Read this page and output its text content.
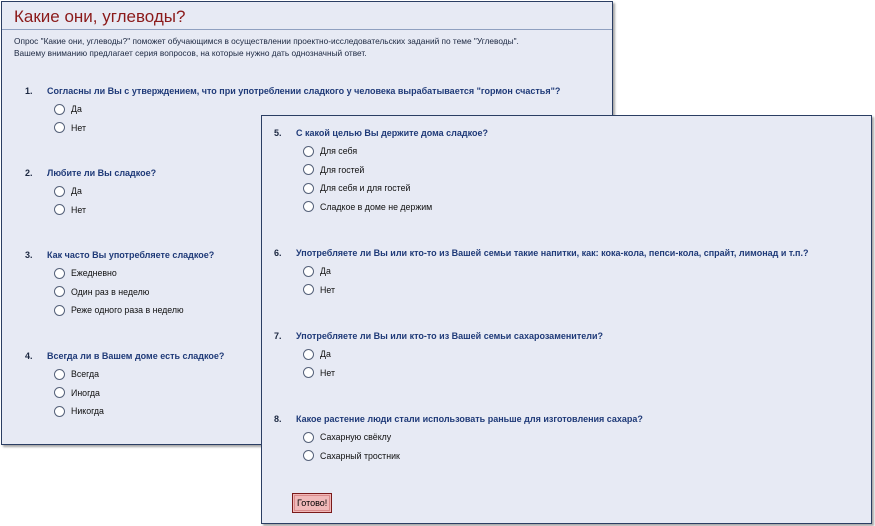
Какие они, углеводы?
Опрос "Какие они, углеводы?" поможет обучающимся в осуществлении проектно-исследовательских заданий по теме "Углеводы".
Вашему вниманию предлагает серия вопросов, на которые нужно дать однозначный ответ.
1. Согласны ли Вы с утверждением, что при употреблении сладкого у человека вырабатывается "гормон счастья"?
Да
Нет
2. Любите ли Вы сладкое?
Да
Нет
3. Как часто Вы употребляете сладкое?
Ежедневно
Один раз в неделю
Реже одного раза в неделю
4. Всегда ли в Вашем доме есть сладкое?
Всегда
Иногда
Никогда
5. С какой целью Вы держите дома сладкое?
Для себя
Для гостей
Для себя и для гостей
Сладкое в доме не держим
6. Употребляете ли Вы или кто-то из Вашей семьи такие напитки, как: кока-кола, пепси-кола, спрайт, лимонад и т.п.?
Да
Нет
7. Употребляете ли Вы или кто-то из Вашей семьи сахарозаменители?
Да
Нет
8. Какое растение люди стали использовать раньше для изготовления сахара?
Сахарную свёклу
Сахарный тростник
Готово!
